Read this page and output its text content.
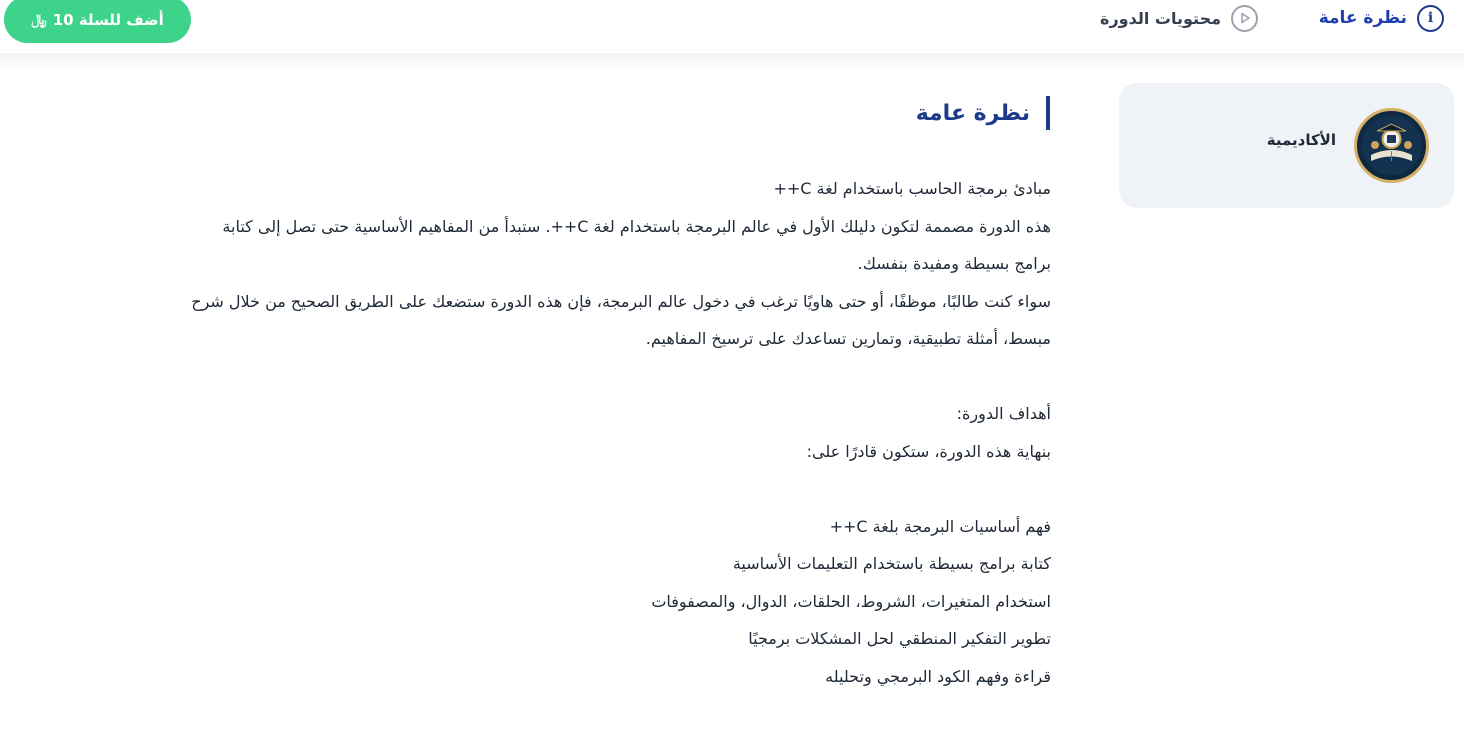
أضف للسلة 10
﷼	i
نظرة عامة
محتويات الدورة
الأكاديمية
نظرة عامة

مبادئ برمجة الحاسب باستخدام لغة C++

هذه الدورة مصممة لتكون دليلك الأول في عالم البرمجة باستخدام لغة C++. ستبدأ من المفاهيم الأساسية حتى تصل إلى كتابة

برامج بسيطة ومفيدة بنفسك.

سواء كنت طالبًا، موظفًا، أو حتى هاويًا ترغب في دخول عالم البرمجة، فإن هذه الدورة ستضعك على الطريق الصحيح من خلال شرح

مبسط، أمثلة تطبيقية، وتمارين تساعدك على ترسيخ المفاهيم.

أهداف الدورة:

بنهاية هذه الدورة، ستكون قادرًا على:

فهم أساسيات البرمجة بلغة C++

كتابة برامج بسيطة باستخدام التعليمات الأساسية

استخدام المتغيرات، الشروط، الحلقات، الدوال، والمصفوفات

تطوير التفكير المنطقي لحل المشكلات برمجيًا

قراءة وفهم الكود البرمجي وتحليله
